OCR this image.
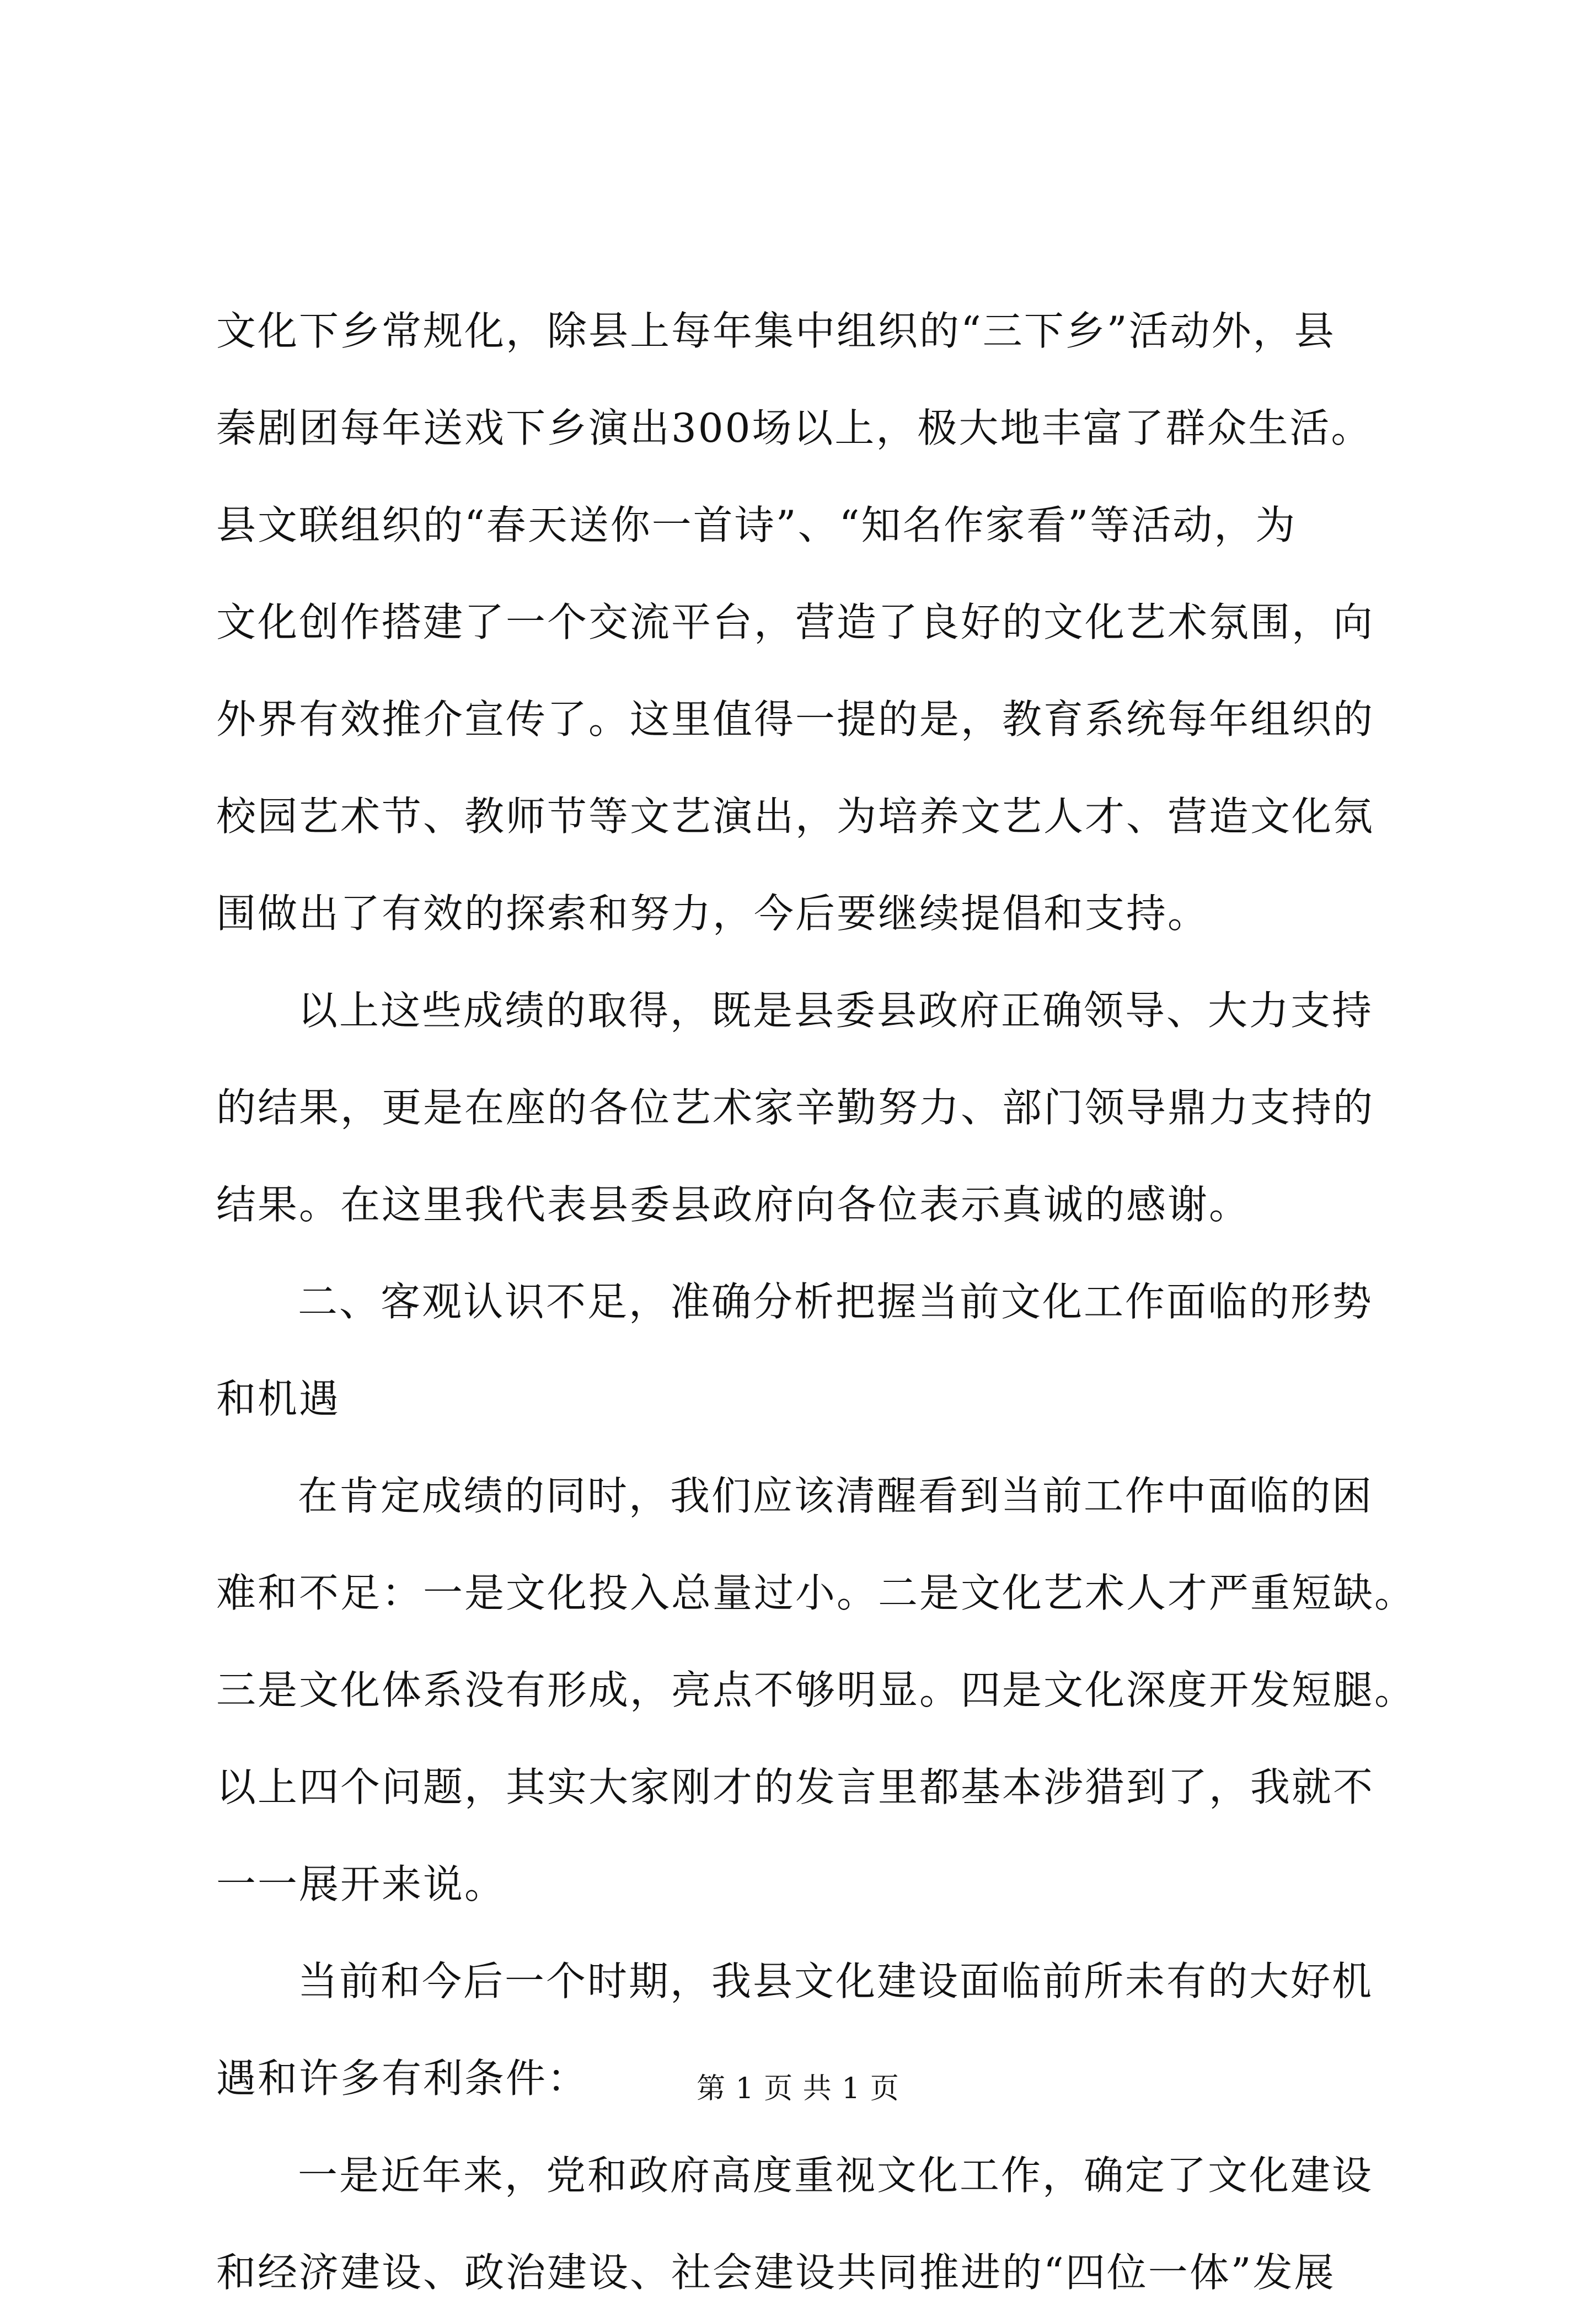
文化下乡常规化，除县上每年集中组织的“三下乡”活动外，县
秦剧团每年送戏下乡演出300场以上，极大地丰富了群众生活。
县文联组织的“春天送你一首诗”、“知名作家看”等活动，为
文化创作搭建了一个交流平台，营造了良好的文化艺术氛围，向
外界有效推介宣传了。这里值得一提的是，教育系统每年组织的
校园艺术节、教师节等文艺演出，为培养文艺人才、营造文化氛
围做出了有效的探索和努力，今后要继续提倡和支持。
以上这些成绩的取得，既是县委县政府正确领导、大力支持
的结果，更是在座的各位艺术家辛勤努力、部门领导鼎力支持的
结果。在这里我代表县委县政府向各位表示真诚的感谢。
二、客观认识不足，准确分析把握当前文化工作面临的形势
和机遇
在肯定成绩的同时，我们应该清醒看到当前工作中面临的困
难和不足：一是文化投入总量过小。二是文化艺术人才严重短缺。
三是文化体系没有形成，亮点不够明显。四是文化深度开发短腿。
以上四个问题，其实大家刚才的发言里都基本涉猎到了，我就不
一一展开来说。
当前和今后一个时期，我县文化建设面临前所未有的大好机
遇和许多有利条件：
一是近年来，党和政府高度重视文化工作，确定了文化建设
和经济建设、政治建设、社会建设共同推进的“四位一体”发展
第 1 页 共 1 页
